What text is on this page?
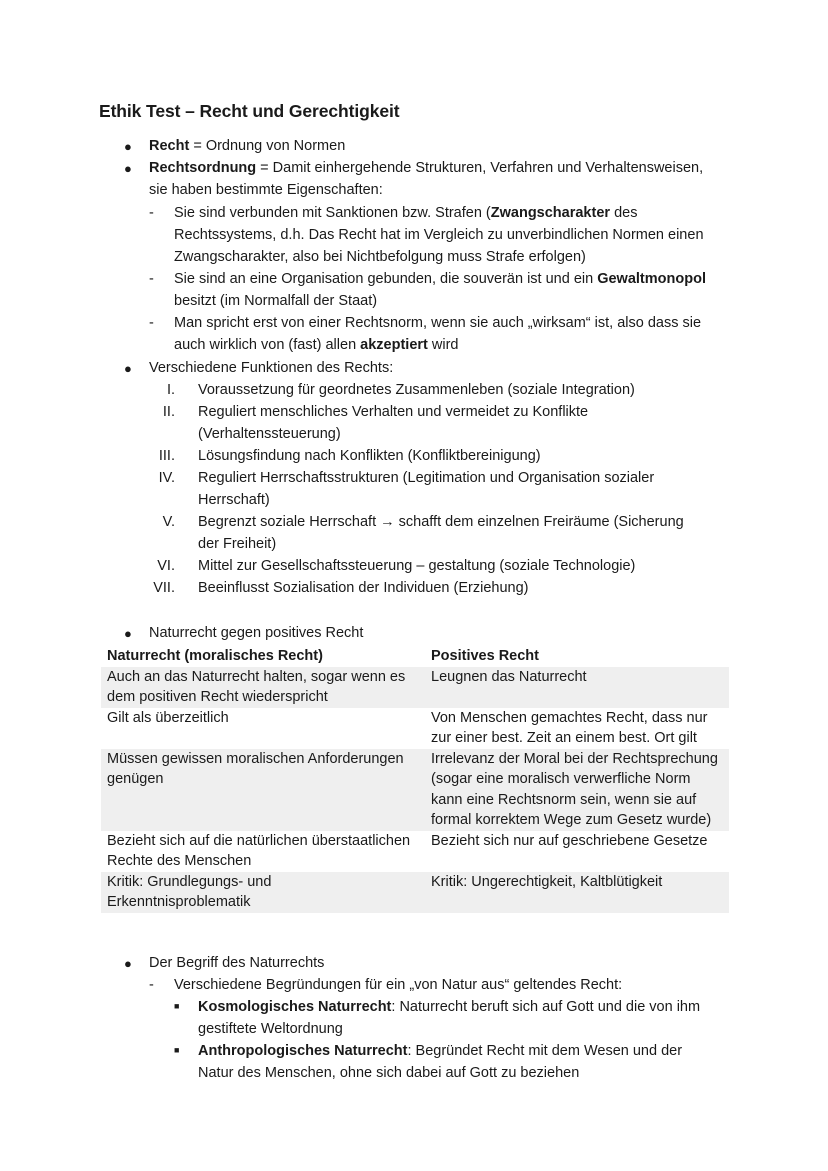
Ethik Test – Recht und Gerechtigkeit
● Recht = Ordnung von Normen
● Rechtsordnung = Damit einhergehende Strukturen, Verfahren und Verhaltensweisen,
sie haben bestimmte Eigenschaften:
- Sie sind verbunden mit Sanktionen bzw. Strafen (Zwangscharakter des
Rechtssystems, d.h. Das Recht hat im Vergleich zu unverbindlichen Normen einen
Zwangscharakter, also bei Nichtbefolgung muss Strafe erfolgen)
- Sie sind an eine Organisation gebunden, die souverän ist und ein Gewaltmonopol
besitzt (im Normalfall der Staat)
- Man spricht erst von einer Rechtsnorm, wenn sie auch „wirksam“ ist, also dass sie
auch wirklich von (fast) allen akzeptiert wird
● Verschiedene Funktionen des Rechts:
I. Voraussetzung für geordnetes Zusammenleben (soziale Integration)
II. Reguliert menschliches Verhalten und vermeidet zu Konflikte
(Verhaltenssteuerung)
III. Lösungsfindung nach Konflikten (Konfliktbereinigung)
IV. Reguliert Herrschaftsstrukturen (Legitimation und Organisation sozialer
Herrschaft)
V. Begrenzt soziale Herrschaft → schafft dem einzelnen Freiräume (Sicherung
der Freiheit)
VI. Mittel zur Gesellschaftssteuerung – gestaltung (soziale Technologie)
VII. Beeinflusst Sozialisation der Individuen (Erziehung)
● Naturrecht gegen positives Recht
Naturrecht (moralisches Recht)	Positives Recht
Auch an das Naturrecht halten, sogar wenn es dem positiven Recht wiederspricht	Leugnen das Naturrecht
Gilt als überzeitlich	Von Menschen gemachtes Recht, dass nur zur einer best. Zeit an einem best. Ort gilt
Müssen gewissen moralischen Anforderungen genügen	Irrelevanz der Moral bei der Rechtsprechung (sogar eine moralisch verwerfliche Norm kann eine Rechtsnorm sein, wenn sie auf formal korrektem Wege zum Gesetz wurde)
Bezieht sich auf die natürlichen überstaatlichen Rechte des Menschen	Bezieht sich nur auf geschriebene Gesetze
Kritik: Grundlegungs- und Erkenntnisproblematik	Kritik: Ungerechtigkeit, Kaltblütigkeit
● Der Begriff des Naturrechts
- Verschiedene Begründungen für ein „von Natur aus“ geltendes Recht:
■ Kosmologisches Naturrecht: Naturrecht beruft sich auf Gott und die von ihm
gestiftete Weltordnung
■ Anthropologisches Naturrecht: Begründet Recht mit dem Wesen und der
Natur des Menschen, ohne sich dabei auf Gott zu beziehen
